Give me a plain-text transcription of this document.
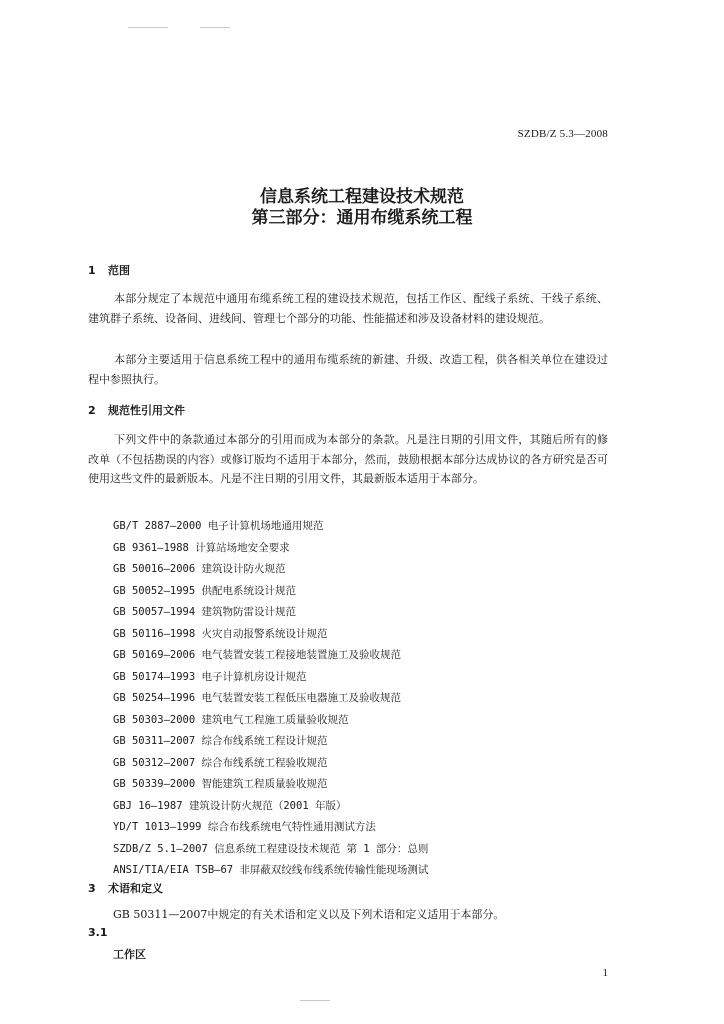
SZDB/Z 5.3—2008
信息系统工程建设技术规范
第三部分：通用布缆系统工程
1 范围
本部分规定了本规范中通用布缆系统工程的建设技术规范，包括工作区、配线子系统、干线子系统、建筑群子系统、设备间、进线间、管理七个部分的功能、性能描述和涉及设备材料的建设规范。
本部分主要适用于信息系统工程中的通用布缆系统的新建、升级、改造工程，供各相关单位在建设过程中参照执行。
2 规范性引用文件
下列文件中的条款通过本部分的引用而成为本部分的条款。凡是注日期的引用文件，其随后所有的修改单（不包括勘误的内容）或修订版均不适用于本部分，然而，鼓励根据本部分达成协议的各方研究是否可使用这些文件的最新版本。凡是不注日期的引用文件，其最新版本适用于本部分。
GB/T 2887—2000 电子计算机场地通用规范
GB 9361—1988 计算站场地安全要求
GB 50016—2006 建筑设计防火规范
GB 50052—1995 供配电系统设计规范
GB 50057—1994 建筑物防雷设计规范
GB 50116—1998 火灾自动报警系统设计规范
GB 50169—2006 电气装置安装工程接地装置施工及验收规范
GB 50174—1993 电子计算机房设计规范
GB 50254—1996 电气装置安装工程低压电器施工及验收规范
GB 50303—2000 建筑电气工程施工质量验收规范
GB 50311—2007 综合布线系统工程设计规范
GB 50312—2007 综合布线系统工程验收规范
GB 50339—2000 智能建筑工程质量验收规范
GBJ 16—1987 建筑设计防火规范（2001 年版）
YD/T 1013—1999 综合布线系统电气特性通用测试方法
SZDB/Z 5.1—2007 信息系统工程建设技术规范 第 1 部分：总则
ANSI/TIA/EIA TSB—67 非屏蔽双绞线布线系统传输性能现场测试
3 术语和定义
GB 50311—2007中规定的有关术语和定义以及下列术语和定义适用于本部分。
3.1
工作区
1
